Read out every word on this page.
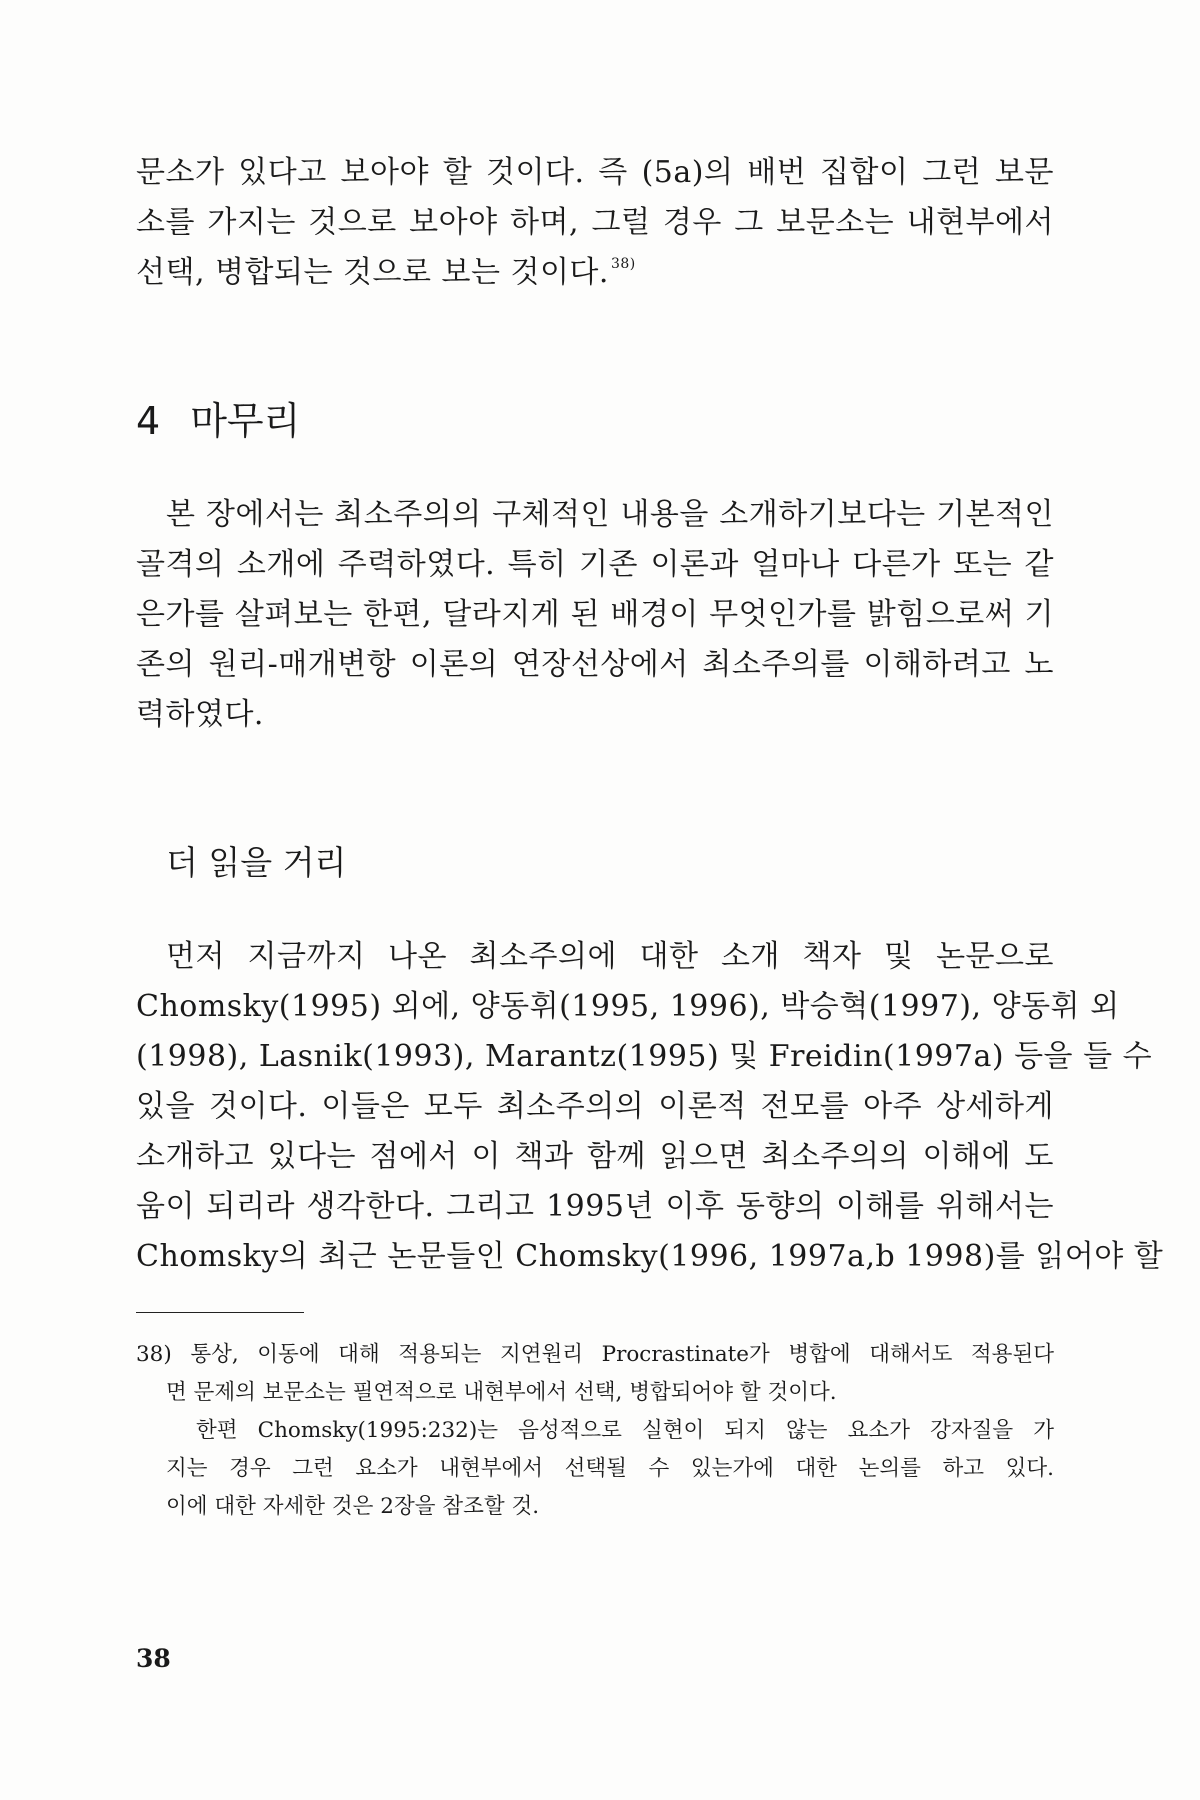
문소가 있다고 보아야 할 것이다. 즉 (5a)의 배번 집합이 그런 보문
소를 가지는 것으로 보아야 하며, 그럴 경우 그 보문소는 내현부에서
선택, 병합되는 것으로 보는 것이다. $^{38)}$
4 마무리
본 장에서는 최소주의의 구체적인 내용을 소개하기보다는 기본적인
골격의 소개에 주력하였다. 특히 기존 이론과 얼마나 다른가 또는 같
은가를 살펴보는 한편, 달라지게 된 배경이 무엇인가를 밝힘으로써 기
존의 원리-매개변항 이론의 연장선상에서 최소주의를 이해하려고 노
력하였다.
더 읽을 거리
먼저 지금까지 나온 최소주의에 대한 소개 책자 및 논문으로
Chomsky(1995) 외에, 양동휘(1995, 1996), 박승혁(1997), 양동휘 외
(1998), Lasnik(1993), Marantz(1995) 및 Freidin(1997a) 등을 들 수
있을 것이다. 이들은 모두 최소주의의 이론적 전모를 아주 상세하게
소개하고 있다는 점에서 이 책과 함께 읽으면 최소주의의 이해에 도
움이 되리라 생각한다. 그리고 1995년 이후 동향의 이해를 위해서는
Chomsky의 최근 논문들인 Chomsky(1996, 1997a,b 1998)를 읽어야 할
38) 통상, 이동에 대해 적용되는 지연원리 Procrastinate가 병합에 대해서도 적용된다
면 문제의 보문소는 필연적으로 내현부에서 선택, 병합되어야 할 것이다.
한편 Chomsky(1995:232)는 음성적으로 실현이 되지 않는 요소가 강자질을 가
지는 경우 그런 요소가 내현부에서 선택될 수 있는가에 대한 논의를 하고 있다.
이에 대한 자세한 것은 2장을 참조할 것.
38
